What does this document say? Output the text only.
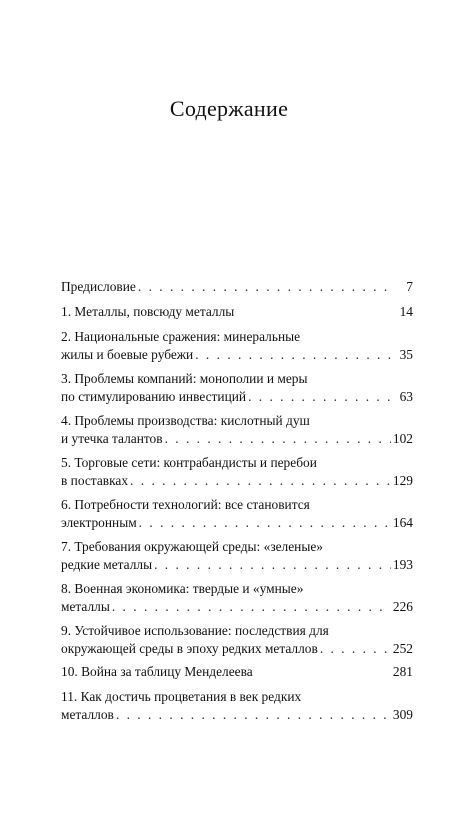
Содержание
Предисловие . . .	7
1. Металлы, повсюду металлы	14
2. Национальные сражения: минеральные
жилы и боевые рубежи . . .	35
3. Проблемы компаний: монополии и меры
по стимулированию инвестиций . . .	63
4. Проблемы производства: кислотный душ
и утечка талантов . . .	102
5. Торговые сети: контрабандисты и перебои
в поставках . . .	129
6. Потребности технологий: все становится
электронным . . .	164
7. Требования окружающей среды: «зеленые»
редкие металлы . . .	193
8. Военная экономика: твердые и «умные»
металлы . . .	226
9. Устойчивое использование: последствия для
окружающей среды в эпоху редких металлов . . .	252
10. Война за таблицу Менделеева	281
11. Как достичь процветания в век редких
металлов . . .	309
